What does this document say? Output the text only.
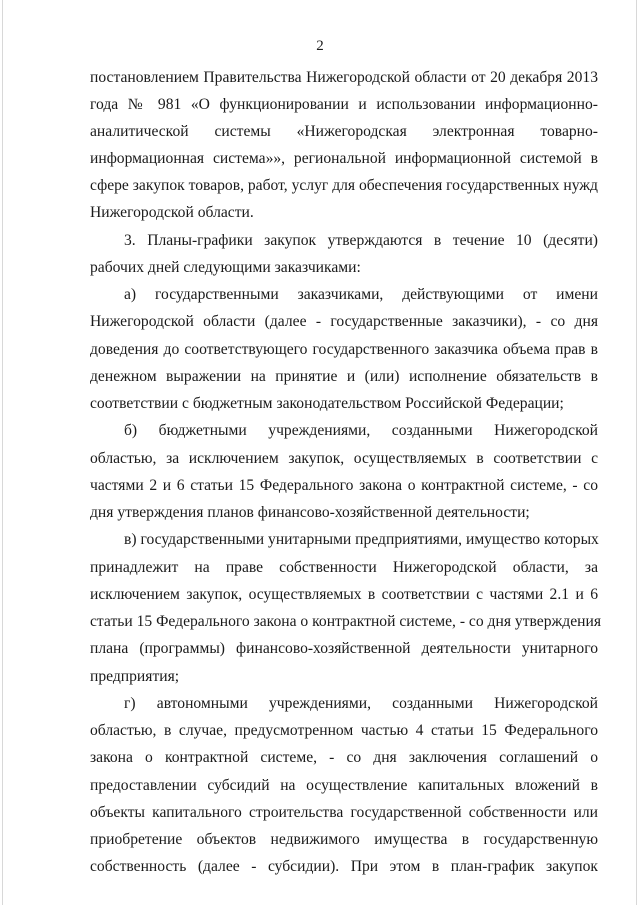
2
постановлением Правительства Нижегородской области от 20 декабря 2013
года № 981 «О функционировании и использовании информационно-
аналитической системы «Нижегородская электронная товарно-
информационная система»», региональной информационной системой в
сфере закупок товаров, работ, услуг для обеспечения государственных нужд
Нижегородской области.
3. Планы-графики закупок утверждаются в течение 10 (десяти)
рабочих дней следующими заказчиками:
а) государственными заказчиками, действующими от имени
Нижегородской области (далее - государственные заказчики), - со дня
доведения до соответствующего государственного заказчика объема прав в
денежном выражении на принятие и (или) исполнение обязательств в
соответствии с бюджетным законодательством Российской Федерации;
б) бюджетными учреждениями, созданными Нижегородской
областью, за исключением закупок, осуществляемых в соответствии с
частями 2 и 6 статьи 15 Федерального закона о контрактной системе, - со
дня утверждения планов финансово-хозяйственной деятельности;
в) государственными унитарными предприятиями, имущество которых
принадлежит на праве собственности Нижегородской области, за
исключением закупок, осуществляемых в соответствии с частями 2.1 и 6
статьи 15 Федерального закона о контрактной системе, - со дня утверждения
плана (программы) финансово-хозяйственной деятельности унитарного
предприятия;
г) автономными учреждениями, созданными Нижегородской
областью, в случае, предусмотренном частью 4 статьи 15 Федерального
закона о контрактной системе, - со дня заключения соглашений о
предоставлении субсидий на осуществление капитальных вложений в
объекты капитального строительства государственной собственности или
приобретение объектов недвижимого имущества в государственную
собственность (далее - субсидии). При этом в план-график закупок
